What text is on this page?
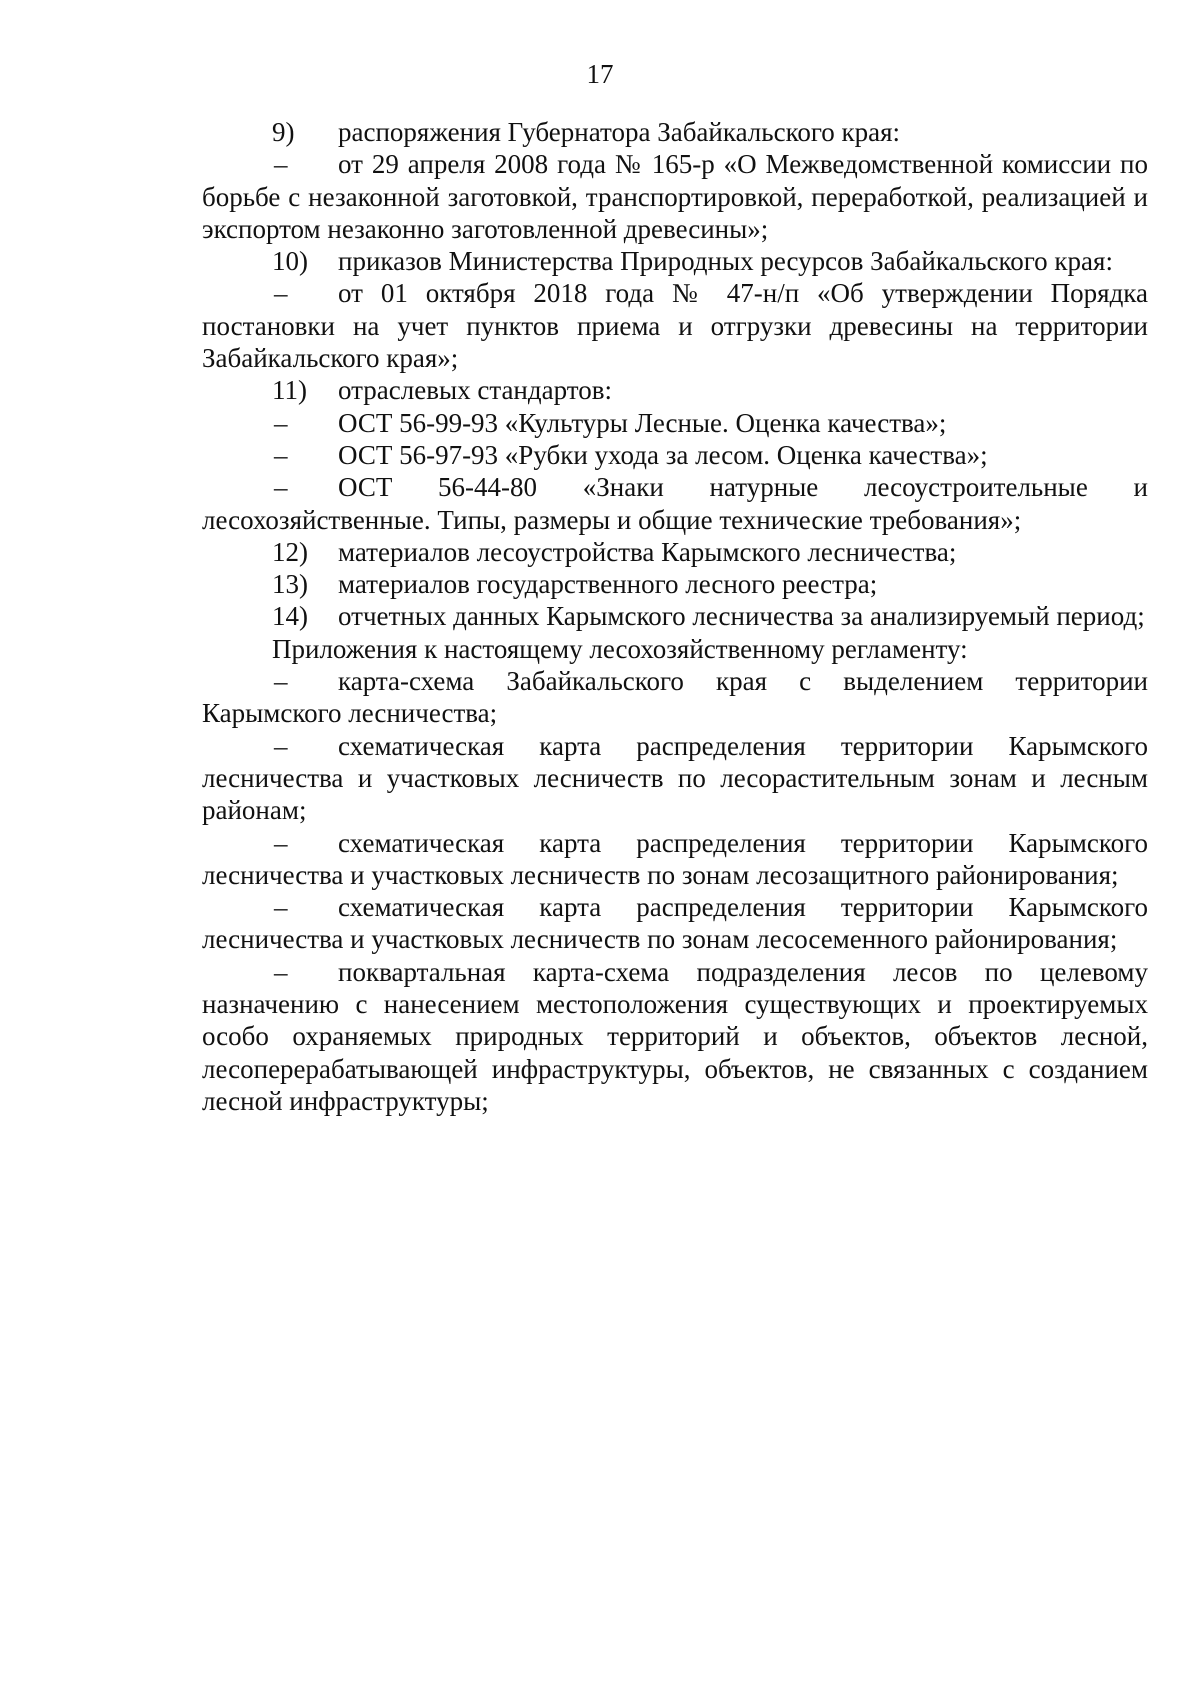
17

9) распоряжения Губернатора Забайкальского края:

– от 29 апреля 2008 года № 165-р «О Межведомственной комиссии по борьбе с незаконной заготовкой, транспортировкой, переработкой, реализацией и экспортом незаконно заготовленной древесины»;

10) приказов Министерства Природных ресурсов Забайкальского края:

– от 01 октября 2018 года № 47-н/п «Об утверждении Порядка постановки на учет пунктов приема и отгрузки древесины на территории Забайкальского края»;

11) отраслевых стандартов:

– ОСТ 56-99-93 «Культуры Лесные. Оценка качества»;

– ОСТ 56-97-93 «Рубки ухода за лесом. Оценка качества»;

– ОСТ 56-44-80 «Знаки натурные лесоустроительные и лесохозяйственные. Типы, размеры и общие технические требования»;

12) материалов лесоустройства Карымского лесничества;

13) материалов государственного лесного реестра;

14) отчетных данных Карымского лесничества за анализируемый период;

Приложения к настоящему лесохозяйственному регламенту:

– карта-схема Забайкальского края с выделением территории Карымского лесничества;

– схематическая карта распределения территории Карымского лесничества и участковых лесничеств по лесорастительным зонам и лесным районам;

– схематическая карта распределения территории Карымского лесничества и участковых лесничеств по зонам лесозащитного районирования;

– схематическая карта распределения территории Карымского лесничества и участковых лесничеств по зонам лесосеменного районирования;

– поквартальная карта-схема подразделения лесов по целевому назначению с нанесением местоположения существующих и проектируемых особо охраняемых природных территорий и объектов, объектов лесной, лесоперерабатывающей инфраструктуры, объектов, не связанных с созданием лесной инфраструктуры;
